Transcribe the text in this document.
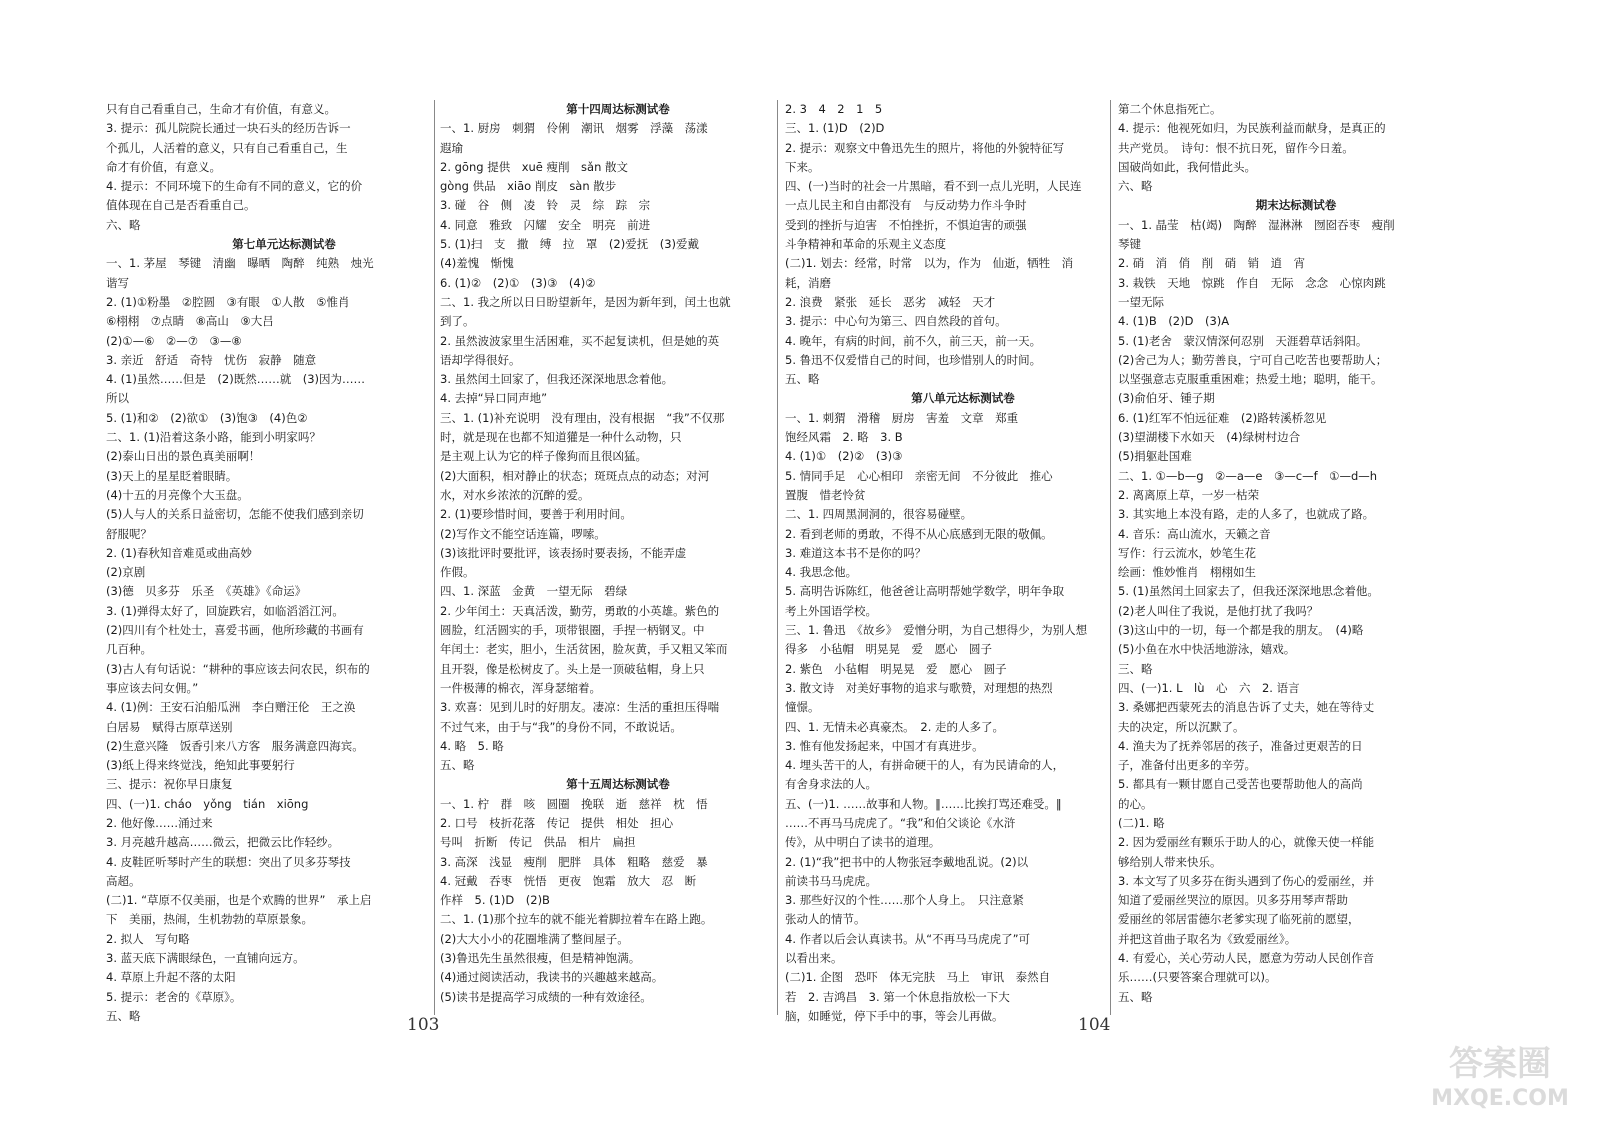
只有自己看重自己，生命才有价值，有意义。
3. 提示：孤儿院院长通过一块石头的经历告诉一
个孤儿，人活着的意义，只有自己看重自己，生
命才有价值，有意义。
4. 提示：不同环境下的生命有不同的意义，它的价
值体现在自己是否看重自己。
六、略
第七单元达标测试卷
一、1. 茅屋　琴键　清幽　曝晒　陶醉　纯熟　烛光
谐写
2. (1)①粉墨　②腔圆　③有眼　①人散　⑤惟肖
⑥栩栩　⑦点睛　⑧高山　⑨大吕
(2)①—⑥　②—⑦　③—⑧
3. 亲近　舒适　奇特　忧伤　寂静　随意
4. (1)虽然……但是　(2)既然……就　(3)因为……
所以
5. (1)和②　(2)欲①　(3)饱③　(4)色②
二、1. (1)沿着这条小路，能到小明家吗？
(2)泰山日出的景色真美丽啊！
(3)天上的星星眨着眼睛。
(4)十五的月亮像个大玉盘。
(5)人与人的关系日益密切，怎能不使我们感到亲切
舒服呢？
2. (1)春秋知音难觅或曲高妙
(2)京剧
(3)德　贝多芬　乐圣　《英雄》《命运》
3. (1)弹得太好了，回旋跌宕，如临滔滔江河。
(2)四川有个杜处士，喜爱书画，他所珍藏的书画有
几百种。
(3)古人有句话说：“耕种的事应该去问农民，织布的
事应该去问女佣。”
4. (1)例：王安石泊船瓜洲　李白赠汪伦　王之涣
白居易　赋得古原草送别
(2)生意兴隆　饭香引来八方客　服务满意四海宾。
(3)纸上得来终觉浅，绝知此事要躬行
三、提示：祝你早日康复
四、(一)1. cháo　yǒng　tián　xiōng
2. 他好像……涌过来
3. 月亮越升越高……微云，把微云比作轻纱。
4. 皮鞋匠听琴时产生的联想：突出了贝多芬琴技
高超。
(二)1. “草原不仅美丽，也是个欢腾的世界”　承上启
下　美丽，热闹，生机勃勃的草原景象。
2. 拟人　写句略
3. 蓝天底下满眼绿色，一直铺向远方。
4. 草原上升起不落的太阳
5. 提示：老舍的《草原》。
五、略
第十四周达标测试卷
一、1. 厨房　刺猬　伶俐　潮讯　烟雾　浮藻　荡漾
遐瑜
2. gōng 提供　xuē 瘦削　sǎn 散文
gòng 供品　xiāo 削皮　sàn 散步
3. 碰　谷　侧　凌　铃　灵　综　踪　宗
4. 同意　雅致　闪耀　安全　明亮　前进
5. (1)扫　支　撒　缚　拉　罩　(2)爱抚　(3)爱戴
(4)羞愧　惭愧
6. (1)②　(2)①　(3)③　(4)②
二、1. 我之所以日日盼望新年，是因为新年到，闰土也就
到了。
2. 虽然波波家里生活困难，买不起复读机，但是她的英
语却学得很好。
3. 虽然闰土回家了，但我还深深地思念着他。
4. 去掉“异口同声地”
三、1. (1)补充说明　没有理由，没有根据　“我”不仅那
时，就是现在也都不知道獾是一种什么动物，只
是主观上认为它的样子像狗而且很凶猛。
(2)大面积，相对静止的状态；斑斑点点的动态；对河
水，对水乡浓浓的沉醉的爱。
2. (1)要珍惜时间，要善于利用时间。
(2)写作文不能空话连篇，啰嗦。
(3)该批评时要批评，该表扬时要表扬，不能弄虚
作假。
四、1. 深蓝　金黄　一望无际　碧绿
2. 少年闰土：天真活泼，勤劳，勇敢的小英雄。紫色的
圆脸，红活圆实的手，项带银圈，手捏一柄钢叉。中
年闰土：老实，胆小，生活贫困，脸灰黄，手又粗又笨而
且开裂，像是松树皮了。头上是一顶破毡帽，身上只
一件极薄的棉衣，浑身瑟缩着。
3. 欢喜：见到儿时的好朋友。凄凉：生活的重担压得喘
不过气来，由于与“我”的身份不同，不敢说话。
4. 略　5. 略
五、略
第十五周达标测试卷
一、1. 柠　群　咳　圆圈　挽联　逝　慈祥　枕　悟
2. 口号　枝折花落　传记　提供　相处　担心
号叫　折断　传记　供品　相片　扁担
3. 高深　浅显　瘦削　肥胖　具体　粗略　慈爱　暴
4. 冠戴　吞枣　恍悟　更夜　饱霜　放大　忍　断
作样　5. (1)D　(2)B
二、1. (1)那个拉车的就不能光着脚拉着车在路上跑。
(2)大大小小的花圈堆满了整间屋子。
(3)鲁迅先生虽然很瘦，但是精神饱满。
(4)通过阅读活动，我读书的兴趣越来越高。
(5)读书是提高学习成绩的一种有效途径。
2. 3　4　2　1　5
三、1. (1)D　(2)D
2. 提示：观察文中鲁迅先生的照片，将他的外貌特征写
下来。
四、(一)当时的社会一片黑暗，看不到一点儿光明，人民连
一点儿民主和自由都没有　与反动势力作斗争时
受到的挫折与迫害　不怕挫折，不惧迫害的顽强
斗争精神和革命的乐观主义态度
(二)1. 划去：经常，时常　以为，作为　仙逝，牺牲　消
耗，消磨
2. 浪费　紧张　延长　恶劣　减轻　天才
3. 提示：中心句为第三、四自然段的首句。
4. 晚年，有病的时间，前不久，前三天，前一天。
5. 鲁迅不仅爱惜自己的时间，也珍惜别人的时间。
五、略
第八单元达标测试卷
一、1. 刺猬　滑稽　厨房　害羞　文章　郑重
饱经风霜　2. 略　3. B
4. (1)①　(2)②　(3)③
5. 情同手足　心心相印　亲密无间　不分彼此　推心
置腹　惜老怜贫
二、1. 四周黑洞洞的，很容易碰壁。
2. 看到老师的勇敢，不得不从心底感到无限的敬佩。
3. 难道这本书不是你的吗？
4. 我思念他。
5. 高明告诉陈红，他爸爸让高明帮她学数学，明年争取
考上外国语学校。
三、1. 鲁迅　《故乡》　爱憎分明，为自己想得少，为别人想
得多　小毡帽　明晃晃　爱　愿心　圆子
2. 紫色　小毡帽　明晃晃　爱　愿心　圆子
3. 散文诗　对美好事物的追求与歌赞，对理想的热烈
憧憬。
四、1. 无情未必真豪杰。　2. 走的人多了。
3. 惟有他发扬起来，中国才有真进步。
4. 埋头苦干的人，有拼命硬干的人，有为民请命的人，
有舍身求法的人。
五、(一)1. ……故事和人物。‖……比挨打骂还难受。‖
……不再马马虎虎了。“我”和伯父谈论《水浒
传》，从中明白了读书的道理。
2. (1)“我”把书中的人物张冠李戴地乱说。(2)以
前读书马马虎虎。
3. 那些好汉的个性……那个人身上。　只注意紧
张动人的情节。
4. 作者以后会认真读书。从“不再马马虎虎了”可
以看出来。
(二)1. 企图　恐吓　体无完肤　马上　审讯　泰然自
若　2. 吉鸿昌　3. 第一个休息指放松一下大
脑，如睡觉，停下手中的事，等会儿再做。
第二个休息指死亡。
4. 提示：他视死如归，为民族利益而献身，是真正的
共产党员。　诗句：恨不抗日死，留作今日羞。
国破尚如此，我何惜此头。
六、略
期末达标测试卷
一、1. 晶莹　枯(竭)　陶醉　湿淋淋　囫囵吞枣　瘦削
琴键
2. 硝　消　俏　削　硝　销　逍　宵
3. 栽铁　天地　惊跳　作自　无际　念念　心惊肉跳
一望无际
4. (1)B　(2)D　(3)A
5. (1)老舍　蒙汉情深何忍别　天涯碧草话斜阳。
(2)舍己为人；勤劳善良，宁可自己吃苦也要帮助人；
以坚强意志克服重重困难；热爱土地；聪明，能干。
(3)俞伯牙、锺子期
6. (1)红军不怕远征难　(2)路转溪桥忽见
(3)望湖楼下水如天　(4)绿树村边合
(5)捐躯赴国难
二、1. ①—b—g　②—a—e　③—c—f　①—d—h
2. 离离原上草，一岁一枯荣
3. 其实地上本没有路，走的人多了，也就成了路。
4. 音乐：高山流水，天籁之音
写作：行云流水，妙笔生花
绘画：惟妙惟肖　栩栩如生
5. (1)虽然闰土回家去了，但我还深深地思念着他。
(2)老人叫住了我说，是他打扰了我吗？
(3)这山中的一切，每一个都是我的朋友。　(4)略
(5)小鱼在水中快活地游泳，嬉戏。
三、略
四、(一)1. L　lù　心　六　2. 语言
3. 桑娜把西蒙死去的消息告诉了丈夫，她在等待丈
夫的决定，所以沉默了。
4. 渔夫为了抚养邻居的孩子，准备过更艰苦的日
子，准备付出更多的辛劳。
5. 都具有一颗甘愿自己受苦也要帮助他人的高尚
的心。
(二)1. 略
2. 因为爱丽丝有颗乐于助人的心，就像天使一样能
够给别人带来快乐。
3. 本文写了贝多芬在街头遇到了伤心的爱丽丝，并
知道了爱丽丝哭泣的原因。贝多芬用琴声帮助
爱丽丝的邻居雷德尔老爹实现了临死前的愿望，
并把这首曲子取名为《致爱丽丝》。
4. 有爱心，关心劳动人民，愿意为劳动人民创作音
乐……(只要答案合理就可以)。
五、略
103	104
答案圈
MXQE.COM
